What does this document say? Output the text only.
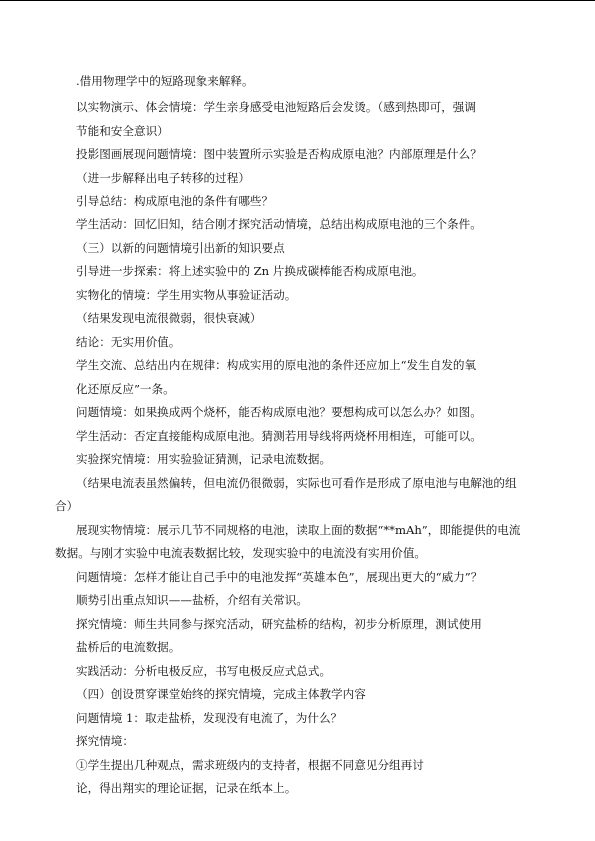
.借用物理学中的短路现象来解释。
以实物演示、体会情境：学生亲身感受电池短路后会发烫。（感到热即可，强调
节能和安全意识）
投影图画展现问题情境：图中装置所示实验是否构成原电池？内部原理是什么？
（进一步解释出电子转移的过程）
引导总结：构成原电池的条件有哪些？
学生活动：回忆旧知，结合刚才探究活动情境，总结出构成原电池的三个条件。
（三）以新的问题情境引出新的知识要点
引导进一步探索：将上述实验中的 Zn 片换成碳棒能否构成原电池。
实物化的情境：学生用实物从事验证活动。
（结果发现电流很微弱，很快衰减）
结论：无实用价值。
学生交流、总结出内在规律：构成实用的原电池的条件还应加上“发生自发的氧
化还原反应”一条。
问题情境：如果换成两个烧杯，能否构成原电池？要想构成可以怎么办？如图。
学生活动：否定直接能构成原电池。猜测若用导线将两烧杯用相连，可能可以。
实验探究情境：用实验验证猜测，记录电流数据。
（结果电流表虽然偏转，但电流仍很微弱，实际也可看作是形成了原电池与电解池的组
合）
展现实物情境：展示几节不同规格的电池，读取上面的数据“**mAh”，即能提供的电流
数据。与刚才实验中电流表数据比较，发现实验中的电流没有实用价值。
问题情境：怎样才能让自己手中的电池发挥“英雄本色”，展现出更大的“威力”？
顺势引出重点知识——盐桥，介绍有关常识。
探究情境：师生共同参与探究活动，研究盐桥的结构，初步分析原理，测试使用
盐桥后的电流数据。
实践活动：分析电极反应，书写电极反应式总式。
（四）创设贯穿课堂始终的探究情境，完成主体教学内容
问题情境 1：取走盐桥，发现没有电流了，为什么？
探究情境：
①学生提出几种观点，需求班级内的支持者，根据不同意见分组再讨
论，得出翔实的理论证据，记录在纸本上。
